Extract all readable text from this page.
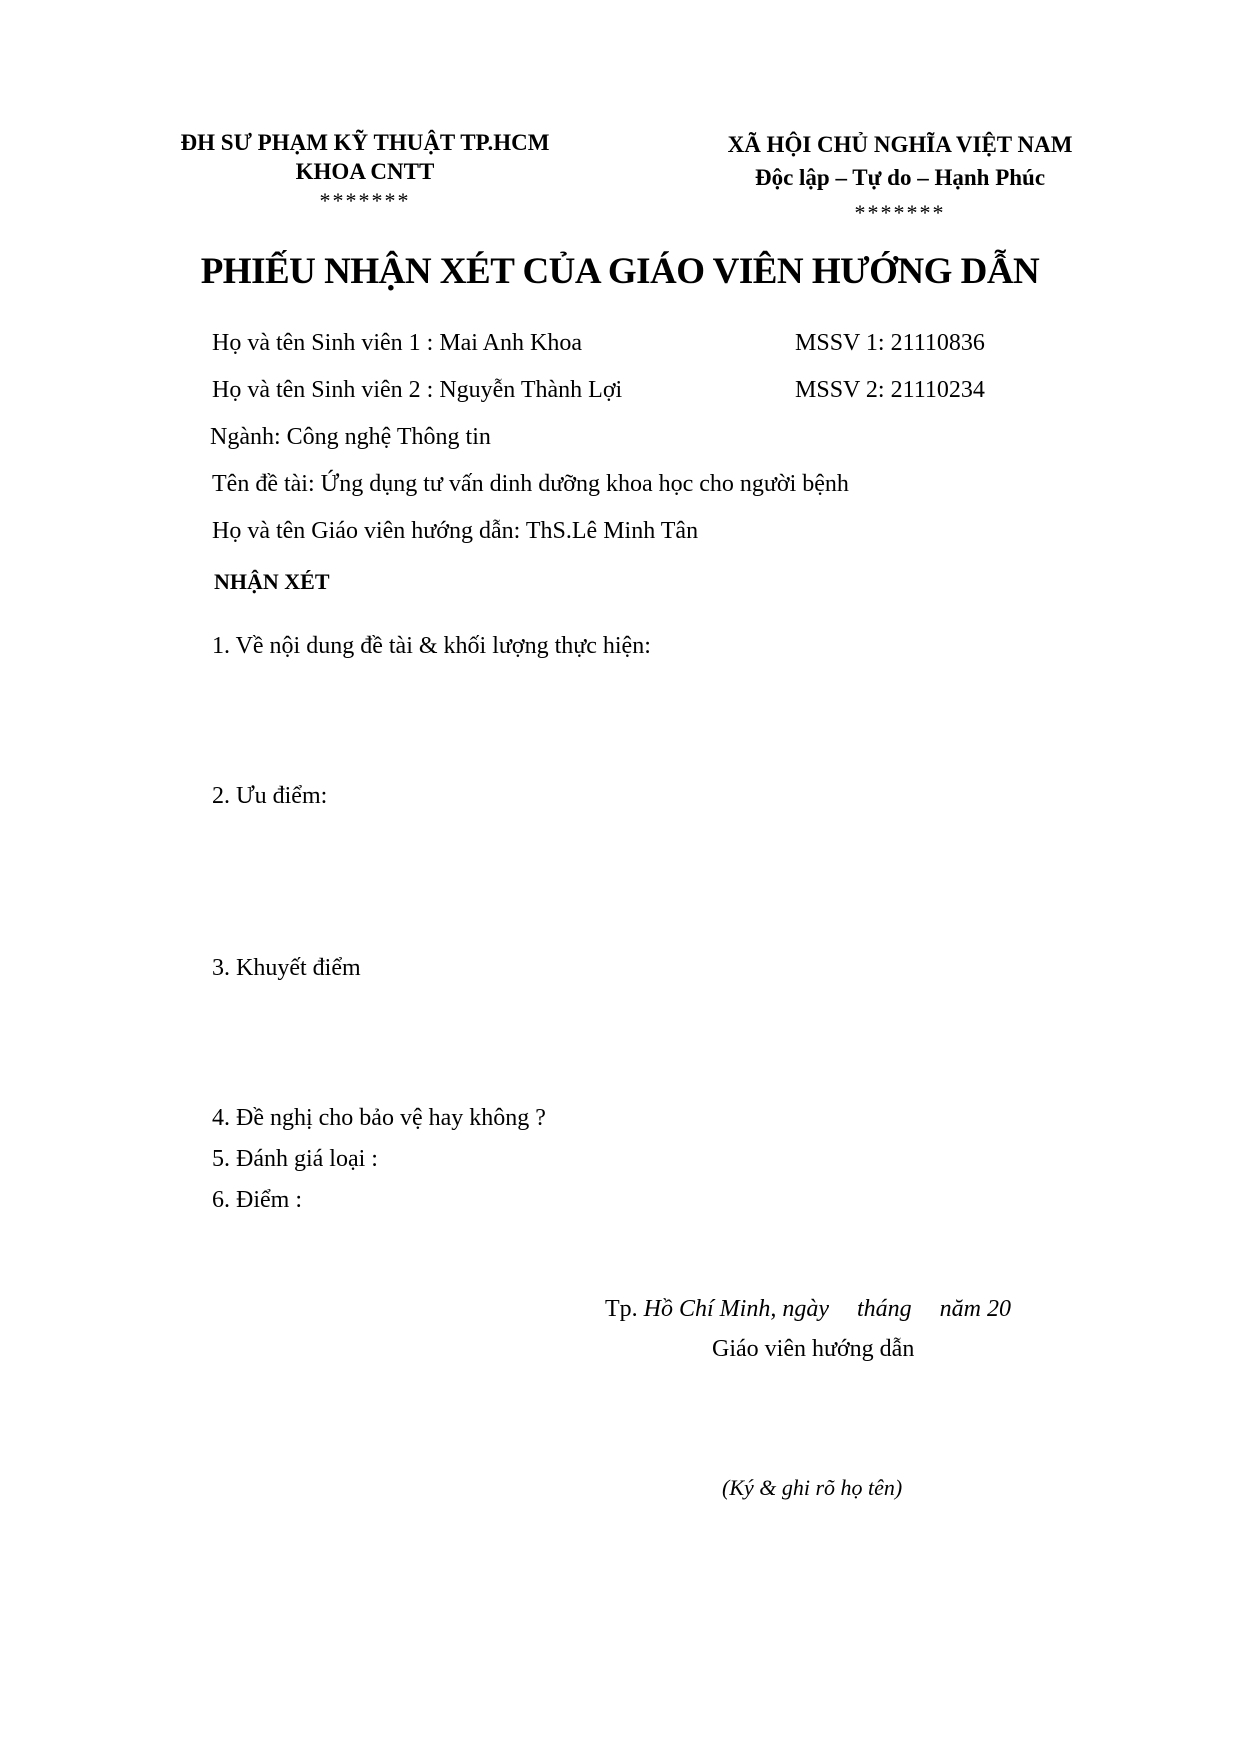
ĐH SƯ PHẠM KỸ THUẬT TP.HCM
KHOA CNTT
*******
XÃ HỘI CHỦ NGHĨA VIỆT NAM
Độc lập – Tự do – Hạnh Phúc
*******
PHIẾU NHẬN XÉT CỦA GIÁO VIÊN HƯỚNG DẪN
Họ và tên Sinh viên 1 : Mai Anh Khoa	MSSV 1: 21110836
Họ và tên Sinh viên 2 : Nguyễn Thành Lợi	MSSV 2: 21110234
Ngành: Công nghệ Thông tin
Tên đề tài: Ứng dụng tư vấn dinh dưỡng khoa học cho người bệnh
Họ và tên Giáo viên hướng dẫn: ThS.Lê Minh Tân
NHẬN XÉT
1. Về nội dung đề tài & khối lượng thực hiện:
2. Ưu điểm:
3. Khuyết điểm
4. Đề nghị cho bảo vệ hay không ?
5. Đánh giá loại :
6. Điểm :
Tp. Hồ Chí Minh, ngày tháng năm 20
Giáo viên hướng dẫn
(Ký & ghi rõ họ tên)
